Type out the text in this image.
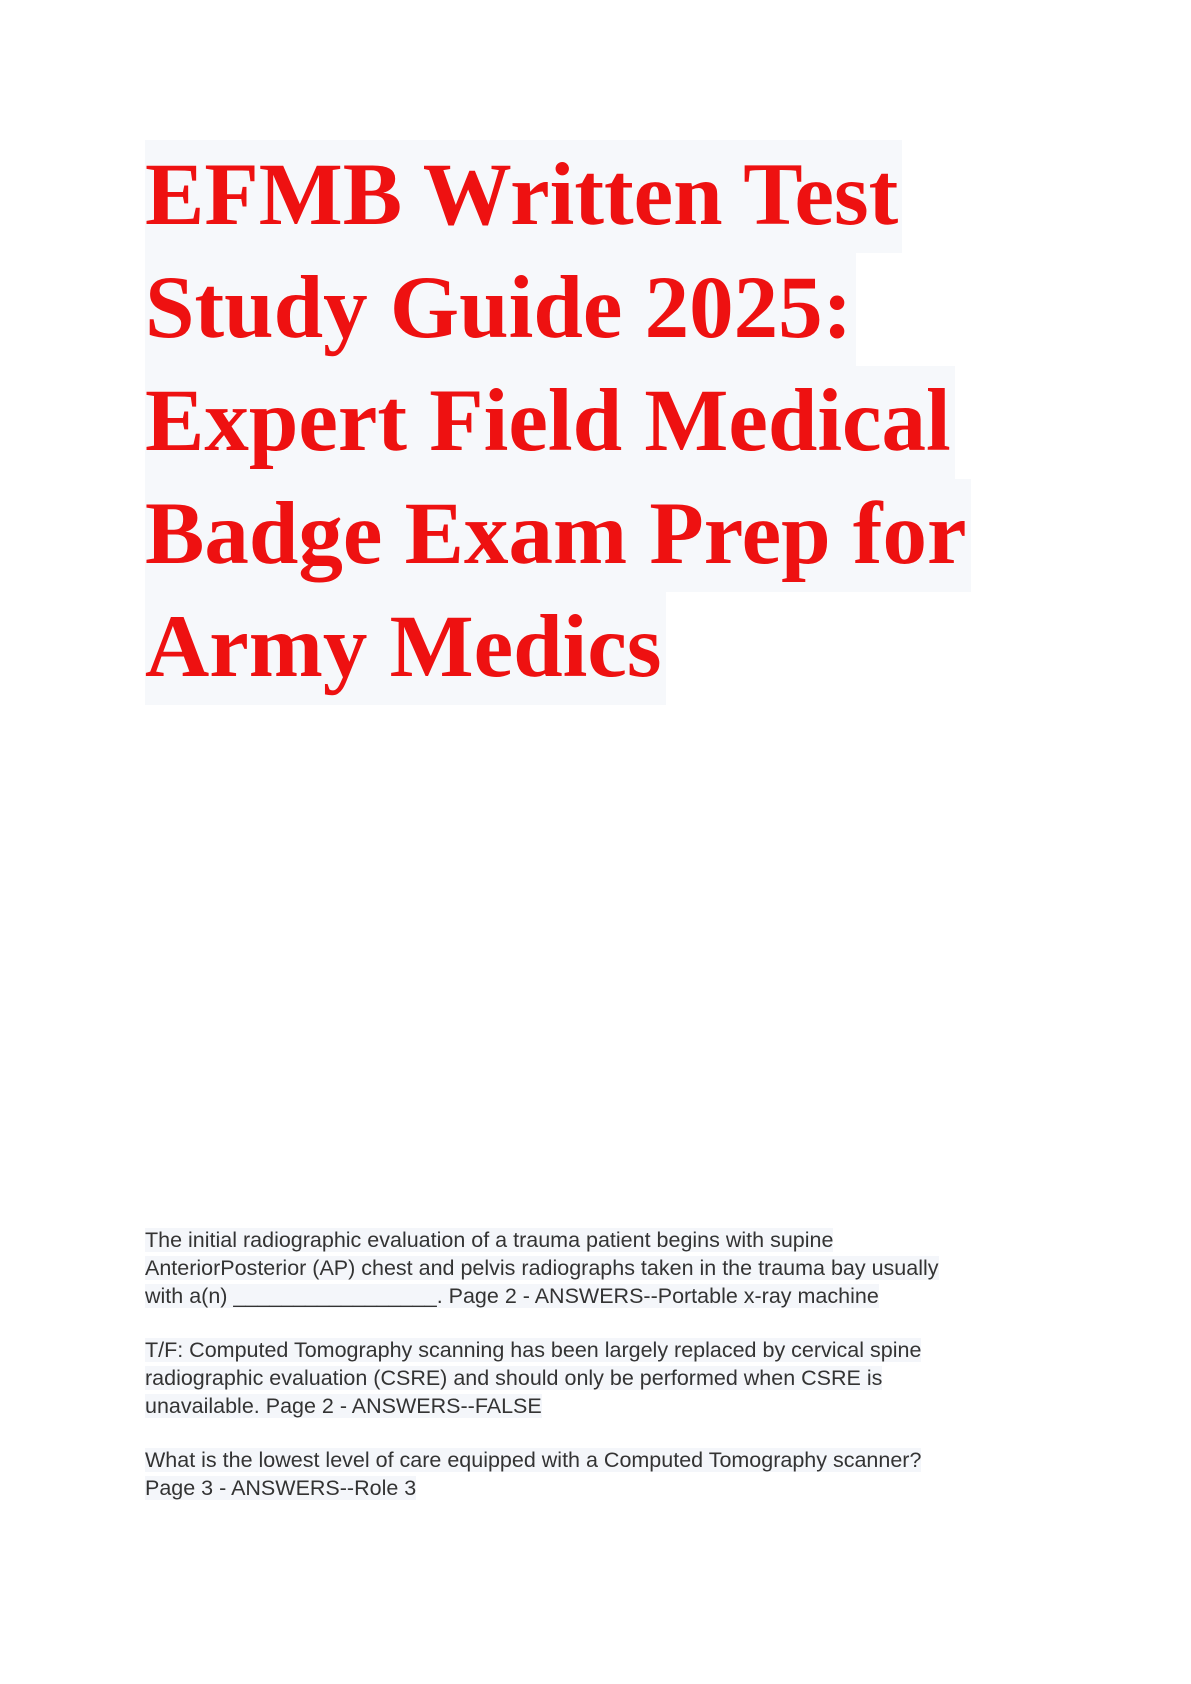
EFMB Written Test
Study Guide 2025:
Expert Field Medical
Badge Exam Prep for
Army Medics
The initial radiographic evaluation of a trauma patient begins with supine
AnteriorPosterior (AP) chest and pelvis radiographs taken in the trauma bay usually
with a(n) _________________. Page 2 - ANSWERS--Portable x-ray machine
T/F: Computed Tomography scanning has been largely replaced by cervical spine
radiographic evaluation (CSRE) and should only be performed when CSRE is
unavailable. Page 2 - ANSWERS--FALSE
What is the lowest level of care equipped with a Computed Tomography scanner?
Page 3 - ANSWERS--Role 3
